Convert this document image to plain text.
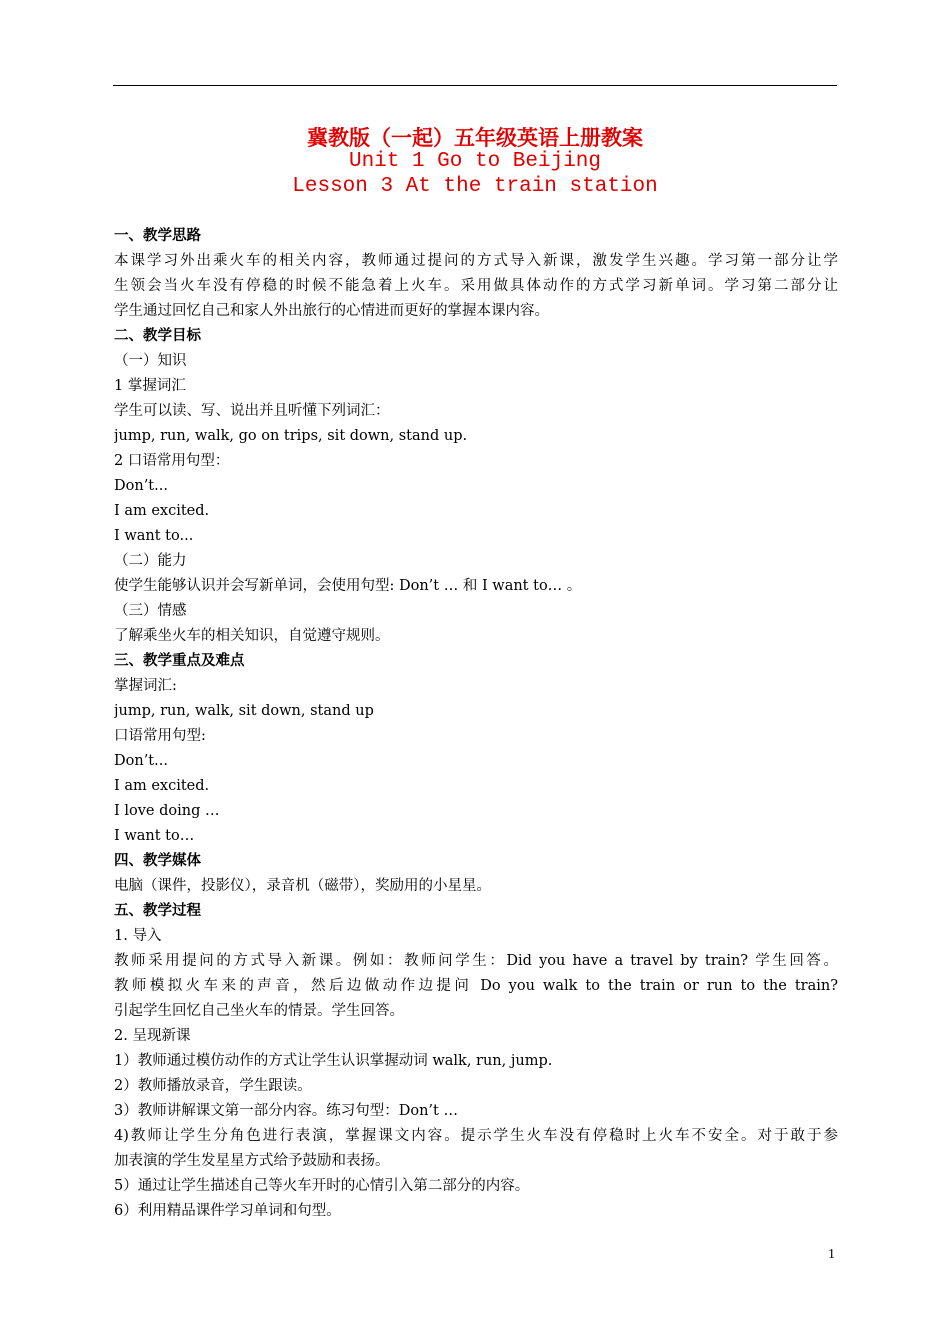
冀教版（一起）五年级英语上册教案
Unit 1 Go to Beijing
Lesson 3 At the train station
一、教学思路
本课学习外出乘火车的相关内容，教师通过提问的方式导入新课，激发学生兴趣。学习第一部分让学
生领会当火车没有停稳的时候不能急着上火车。采用做具体动作的方式学习新单词。学习第二部分让
学生通过回忆自己和家人外出旅行的心情进而更好的掌握本课内容。
二、教学目标
（一）知识
1 掌握词汇
学生可以读、写、说出并且听懂下列词汇：
jump, run, walk, go on trips, sit down, stand up.
2 口语常用句型：
Don’t...
I am excited.
I want to...
（二）能力
使学生能够认识并会写新单词，会使用句型: Don’t … 和 I want to… 。
（三）情感
了解乘坐火车的相关知识，自觉遵守规则。
三、教学重点及难点
掌握词汇:
jump, run, walk, sit down, stand up
口语常用句型:
Don’t...
I am excited.
I love doing …
I want to…
四、教学媒体
电脑（课件，投影仪），录音机（磁带），奖励用的小星星。
五、教学过程
1. 导入
教师采用提问的方式导入新课。例如：教师问学生：Did you have a travel by train? 学生回答。
教师模拟火车来的声音，然后边做动作边提问 Do you walk to the train or run to the train?
引起学生回忆自己坐火车的情景。学生回答。
2. 呈现新课
1）教师通过模仿动作的方式让学生认识掌握动词 walk, run, jump.
2）教师播放录音，学生跟读。
3）教师讲解课文第一部分内容。练习句型：Don’t …
4)教师让学生分角色进行表演，掌握课文内容。提示学生火车没有停稳时上火车不安全。对于敢于参
加表演的学生发星星方式给予鼓励和表扬。
5）通过让学生描述自己等火车开时的心情引入第二部分的内容。
6）利用精品课件学习单词和句型。
1
